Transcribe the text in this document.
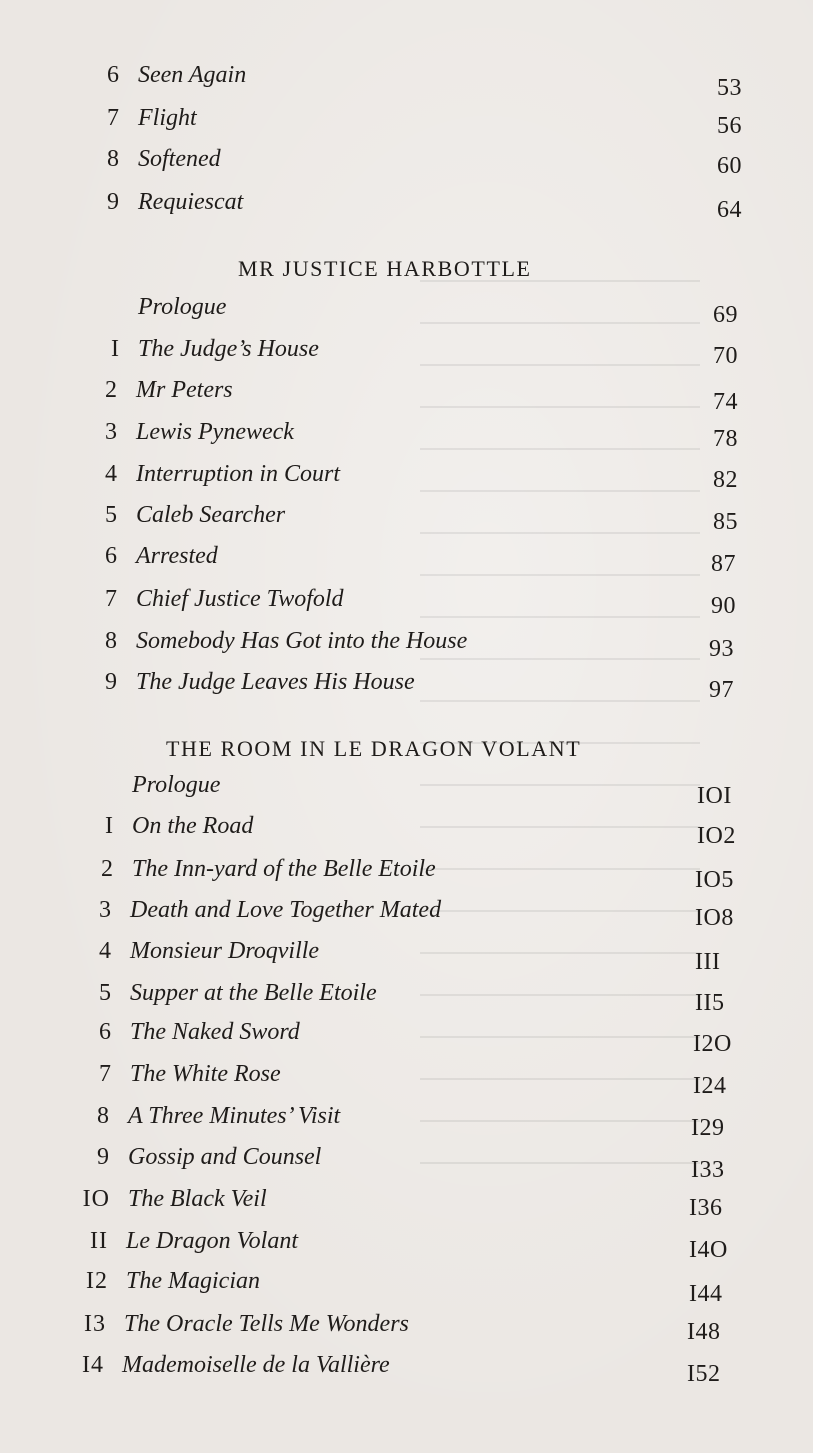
6 Seen Again	53
7 Flight	56
8 Softened	60
9 Requiescat	64
MR JUSTICE HARBOTTLE
Prologue	69
I The Judge’s House	70
2 Mr Peters	74
3 Lewis Pyneweck	78
4 Interruption in Court	82
5 Caleb Searcher	85
6 Arrested	87
7 Chief Justice Twofold	90
8 Somebody Has Got into the House	93
9 The Judge Leaves His House	97
THE ROOM IN LE DRAGON VOLANT
Prologue	IOI
I On the Road	IO2
2 The Inn-yard of the Belle Etoile	IO5
3 Death and Love Together Mated	IO8
4 Monsieur Droqville	III
5 Supper at the Belle Etoile	II5
6 The Naked Sword	I2O
7 The White Rose	I24
8 A Three Minutes’ Visit	I29
9 Gossip and Counsel	I33
IO The Black Veil	I36
II Le Dragon Volant	I4O
I2 The Magician	I44
I3 The Oracle Tells Me Wonders	I48
I4 Mademoiselle de la Vallière	I52
